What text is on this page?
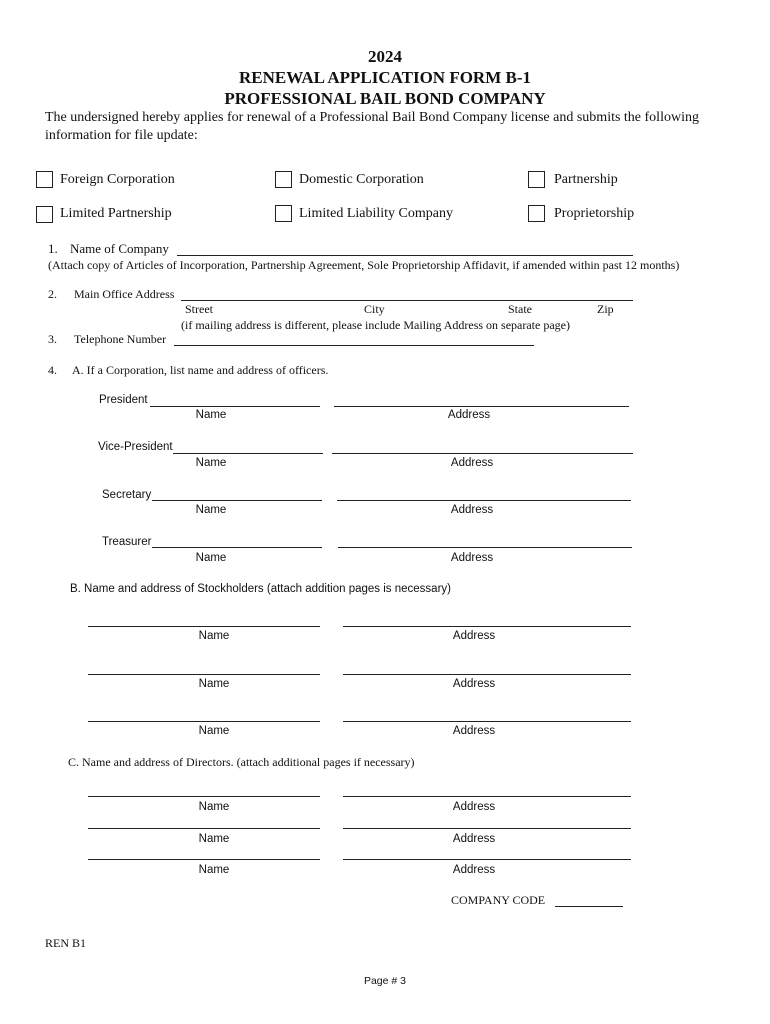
2024
RENEWAL APPLICATION FORM B-1
PROFESSIONAL BAIL BOND COMPANY
The undersigned hereby applies for renewal of a Professional Bail Bond Company license and submits the following information for file update:
Foreign Corporation	Domestic Corporation	Partnership
Limited Partnership	Limited Liability Company	Proprietorship
1. Name of Company
(Attach copy of Articles of Incorporation, Partnership Agreement, Sole Proprietorship Affidavit, if amended within past 12 months)
2. Main Office Address
Street	City	State	Zip
(if mailing address is different, please include Mailing Address on separate page)
3. Telephone Number
4. A. If a Corporation, list name and address of officers.
President
Name	Address
Vice-President
Name	Address
Secretary
Name	Address
Treasurer
Name	Address
B. Name and address of Stockholders (attach addition pages is necessary)
Name	Address
Name	Address
Name	Address
C. Name and address of Directors. (attach additional pages if necessary)
Name	Address
Name	Address
Name	Address
COMPANY CODE
REN B1
Page # 3
